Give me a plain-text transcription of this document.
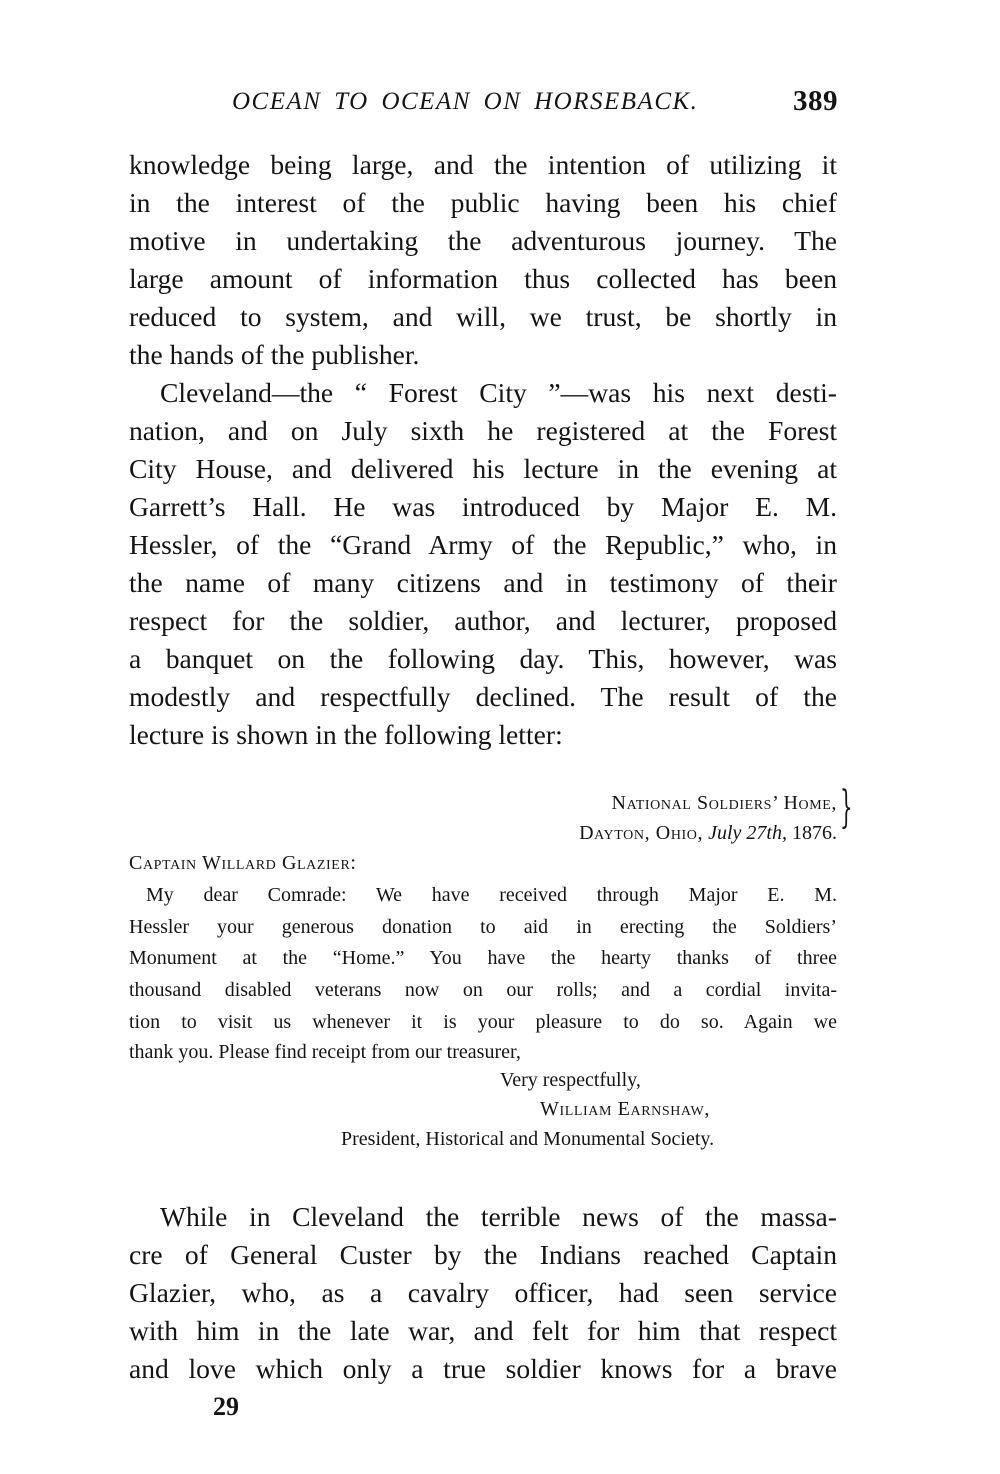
OCEAN TO OCEAN ON HORSEBACK.	389
knowledge being large, and the intention of utilizing it
in the interest of the public having been his chief
motive in undertaking the adventurous journey. The
large amount of information thus collected has been
reduced to system, and will, we trust, be shortly in
the hands of the publisher.
Cleveland—the “ Forest City ”—was his next desti-
nation, and on July sixth he registered at the Forest
City House, and delivered his lecture in the evening at
Garrett’s Hall. He was introduced by Major E. M.
Hessler, of the “Grand Army of the Republic,” who, in
the name of many citizens and in testimony of their
respect for the soldier, author, and lecturer, proposed
a banquet on the following day. This, however, was
modestly and respectfully declined. The result of the
lecture is shown in the following letter:
National Soldiers’ Home,
Dayton, Ohio, July 27th, 1876. }
Captain Willard Glazier:
My dear Comrade: We have received through Major E. M.
Hessler your generous donation to aid in erecting the Soldiers’
Monument at the “Home.” You have the hearty thanks of three
thousand disabled veterans now on our rolls; and a cordial invita-
tion to visit us whenever it is your pleasure to do so. Again we
thank you. Please find receipt from our treasurer,
Very respectfully,
William Earnshaw,
President, Historical and Monumental Society.
While in Cleveland the terrible news of the massa-
cre of General Custer by the Indians reached Captain
Glazier, who, as a cavalry officer, had seen service
with him in the late war, and felt for him that respect
and love which only a true soldier knows for a brave
29
